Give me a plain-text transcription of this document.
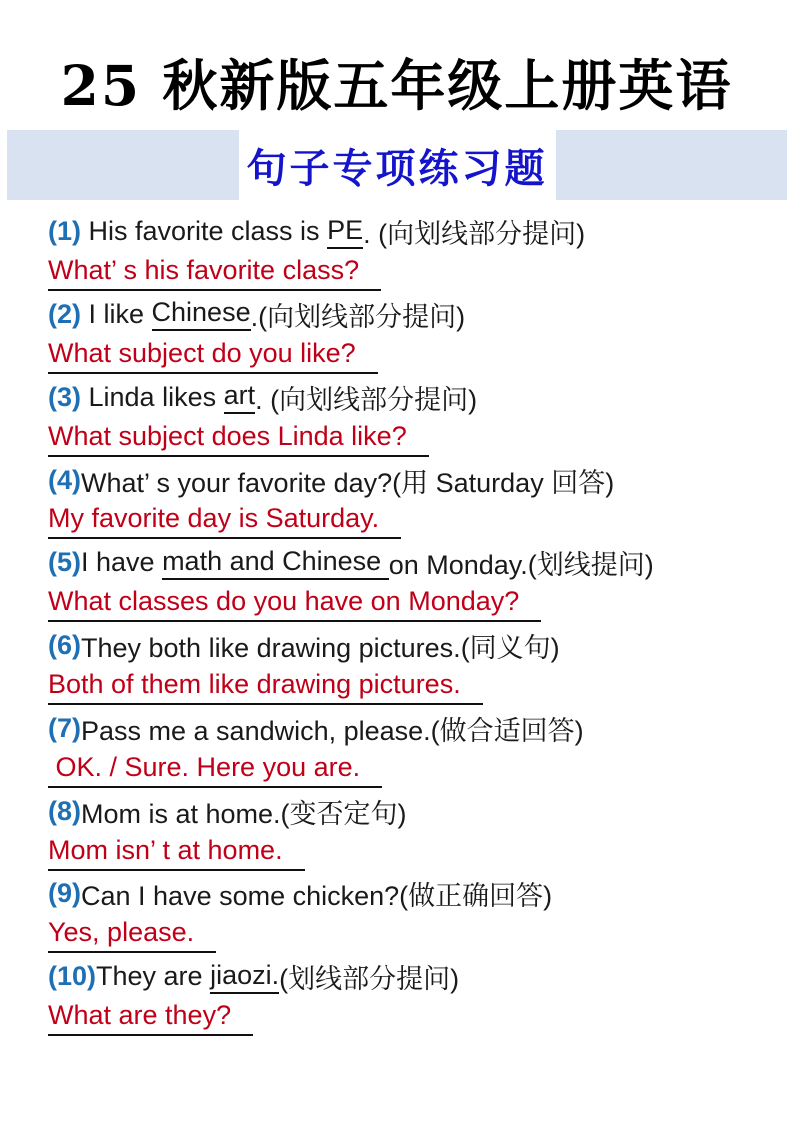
25 秋新版五年级上册英语
句子专项练习题
(1) His favorite class is PE . (向划线部分提问)
What’ s his favorite class?
(2) I like Chinese .(向划线部分提问)
What subject do you like?
(3) Linda likes art . (向划线部分提问)
What subject does Linda like?
(4) What’ s your favorite day?(用 Saturday 回答)
My favorite day is Saturday.
(5) I have math and Chinese on Monday.(划线提问)
What classes do you have on Monday?
(6) They both like drawing pictures.(同义句)
Both of them like drawing pictures.
(7) Pass me a sandwich, please.(做合适回答)
OK. / Sure. Here you are.
(8) Mom is at home.(变否定句)
Mom isn’ t at home.
(9) Can I have some chicken?(做正确回答)
Yes, please.
(10) They are jiaozi. (划线部分提问)
What are they?
